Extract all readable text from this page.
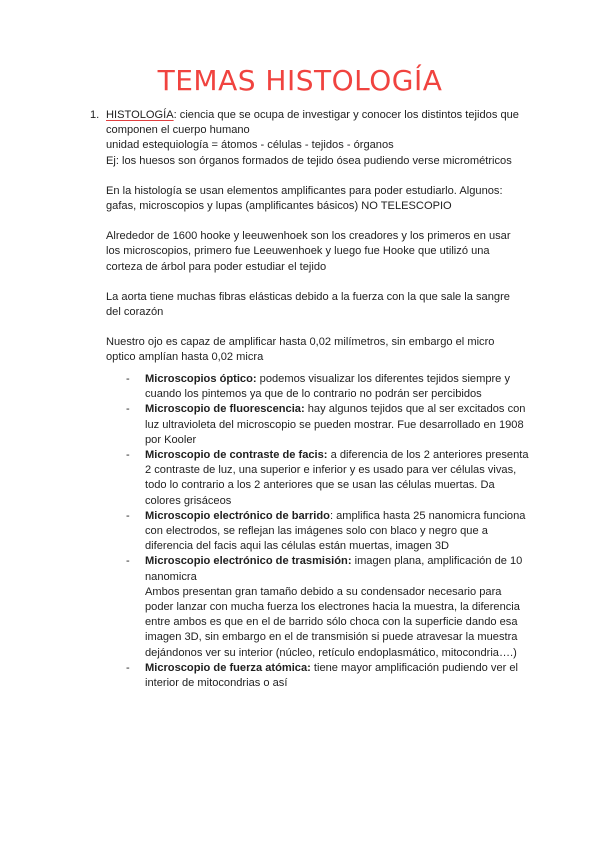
TEMAS HISTOLOGÍA
1. HISTOLOGÍA: ciencia que se ocupa de investigar y conocer los distintos tejidos que componen el cuerpo humano

unidad estequiología = átomos - células - tejidos - órganos

Ej: los huesos son órganos formados de tejido ósea pudiendo verse micrométricos

En la histología se usan elementos amplificantes para poder estudiarlo. Algunos: gafas, microscopios y lupas (amplificantes básicos) NO TELESCOPIO

Alrededor de 1600 hooke y leeuwenhoek son los creadores y los primeros en usar los microscopios, primero fue Leeuwenhoek y luego fue Hooke que utilizó una corteza de árbol para poder estudiar el tejido

La aorta tiene muchas fibras elásticas debido a la fuerza con la que sale la sangre del corazón

Nuestro ojo es capaz de amplificar hasta 0,02 milímetros, sin embargo el micro optico amplían hasta 0,02 micra

- Microscopios óptico: podemos visualizar los diferentes tejidos siempre y cuando los pintemos ya que de lo contrario no podrán ser percibidos
- Microscopio de fluorescencia: hay algunos tejidos que al ser excitados con luz ultravioleta del microscopio se pueden mostrar. Fue desarrollado en 1908 por Kooler
- Microscopio de contraste de facis: a diferencia de los 2 anteriores presenta 2 contraste de luz, una superior e inferior y es usado para ver células vivas, todo lo contrario a los 2 anteriores que se usan las células muertas. Da colores grisáceos
- Microscopio electrónico de barrido: amplifica hasta 25 nanomicra funciona con electrodos, se reflejan las imágenes solo con blaco y negro que a diferencia del facis aqui las células están muertas, imagen 3D
- Microscopio electrónico de trasmisión: imagen plana, amplificación de 10 nanomicra
Ambos presentan gran tamaño debido a su condensador necesario para poder lanzar con mucha fuerza los electrones hacia la muestra, la diferencia entre ambos es que en el de barrido sólo choca con la superficie dando esa imagen 3D, sin embargo en el de transmisión si puede atravesar la muestra dejándonos ver su interior (núcleo, retículo endoplasmático, mitocondria….)
- Microscopio de fuerza atómica: tiene mayor amplificación pudiendo ver el interior de mitocondrias o así
